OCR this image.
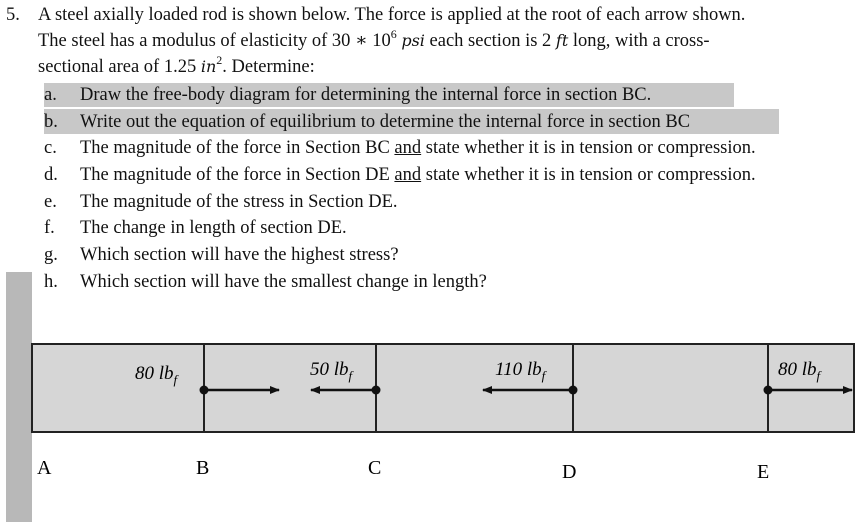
5. A steel axially loaded rod is shown below. The force is applied at the root of each arrow shown.
The steel has a modulus of elasticity of 30 ∗ $10^6$ psi each section is 2 ft long, with a cross-
sectional area of 1.25 $in^2$. Determine:
a.	Draw the free-body diagram for determining the internal force in section BC.
b.	Write out the equation of equilibrium to determine the internal force in section BC
c.	The magnitude of the force in Section BC and state whether it is in tension or compression.
d.	The magnitude of the force in Section DE and state whether it is in tension or compression.
e.	The magnitude of the stress in Section DE.
f.	The change in length of section DE.
g.	Which section will have the highest stress?
h.	Which section will have the smallest change in length?
80 $lb_f$	50 $lb_f$	110 $lb_f$	80 $lb_f$
A	B	C	D	E
